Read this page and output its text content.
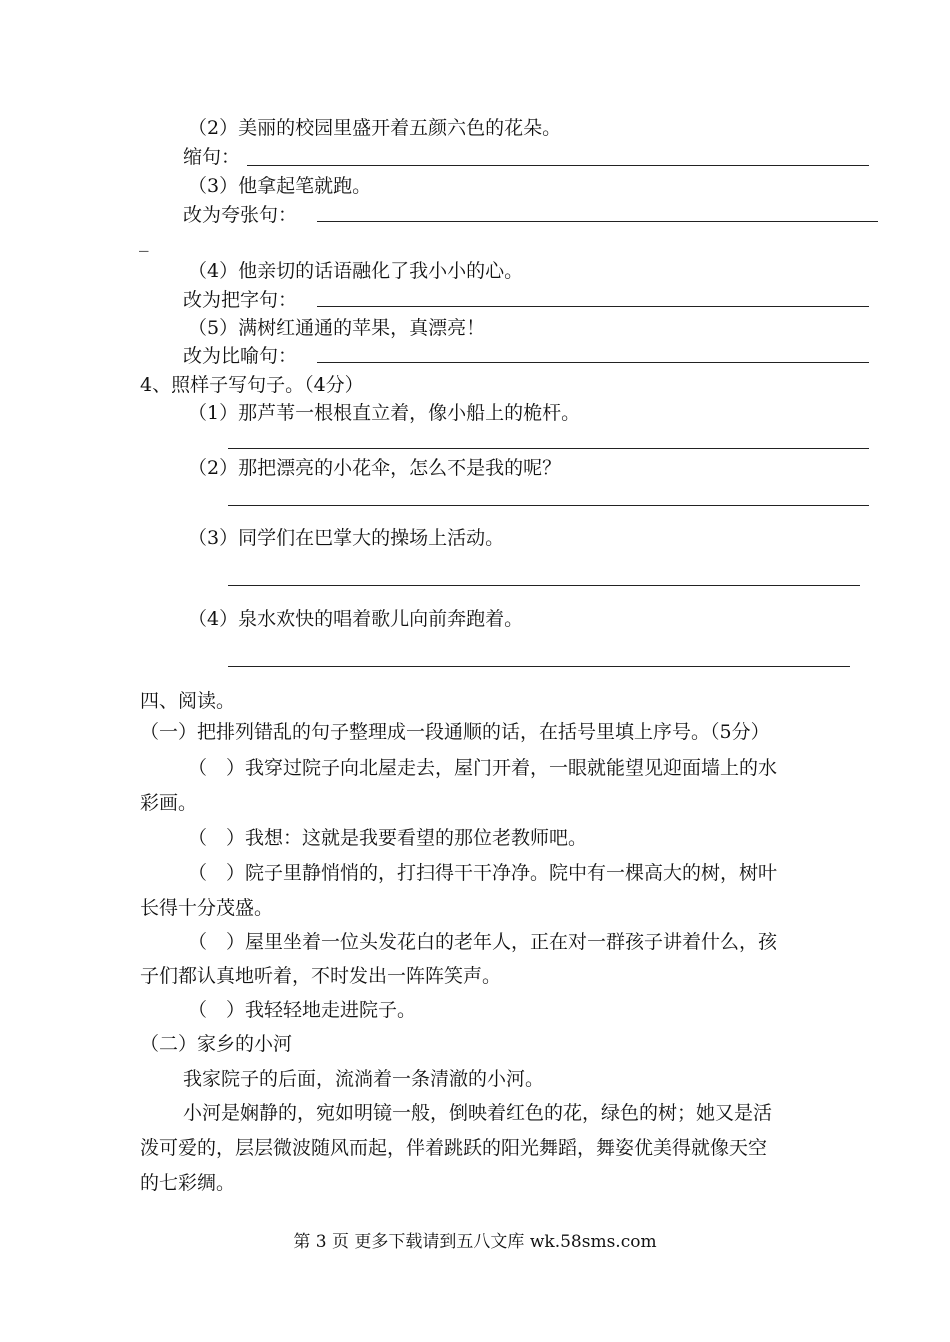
（2）美丽的校园里盛开着五颜六色的花朵。
缩句：
（3）他拿起笔就跑。
改为夸张句：
_
（4）他亲切的话语融化了我小小的心。
改为把字句：
（5）满树红通通的苹果，真漂亮！
改为比喻句：
4、照样子写句子。（4分）
（1）那芦苇一根根直立着，像小船上的桅杆。
（2）那把漂亮的小花伞，怎么不是我的呢？
（3）同学们在巴掌大的操场上活动。
（4）泉水欢快的唱着歌儿向前奔跑着。
四、阅读。
（一）把排列错乱的句子整理成一段通顺的话，在括号里填上序号。（5分）
（　）我穿过院子向北屋走去，屋门开着，一眼就能望见迎面墙上的水
彩画。
（　）我想：这就是我要看望的那位老教师吧。
（　）院子里静悄悄的，打扫得干干净净。院中有一棵高大的树，树叶
长得十分茂盛。
（　）屋里坐着一位头发花白的老年人，正在对一群孩子讲着什么，孩
子们都认真地听着，不时发出一阵阵笑声。
（　）我轻轻地走进院子。
（二）家乡的小河
我家院子的后面，流淌着一条清澈的小河。
小河是娴静的，宛如明镜一般，倒映着红色的花，绿色的树；她又是活
泼可爱的，层层微波随风而起，伴着跳跃的阳光舞蹈，舞姿优美得就像天空
的七彩绸。
第 3 页 更多下载请到五八文库 wk.58sms.com
